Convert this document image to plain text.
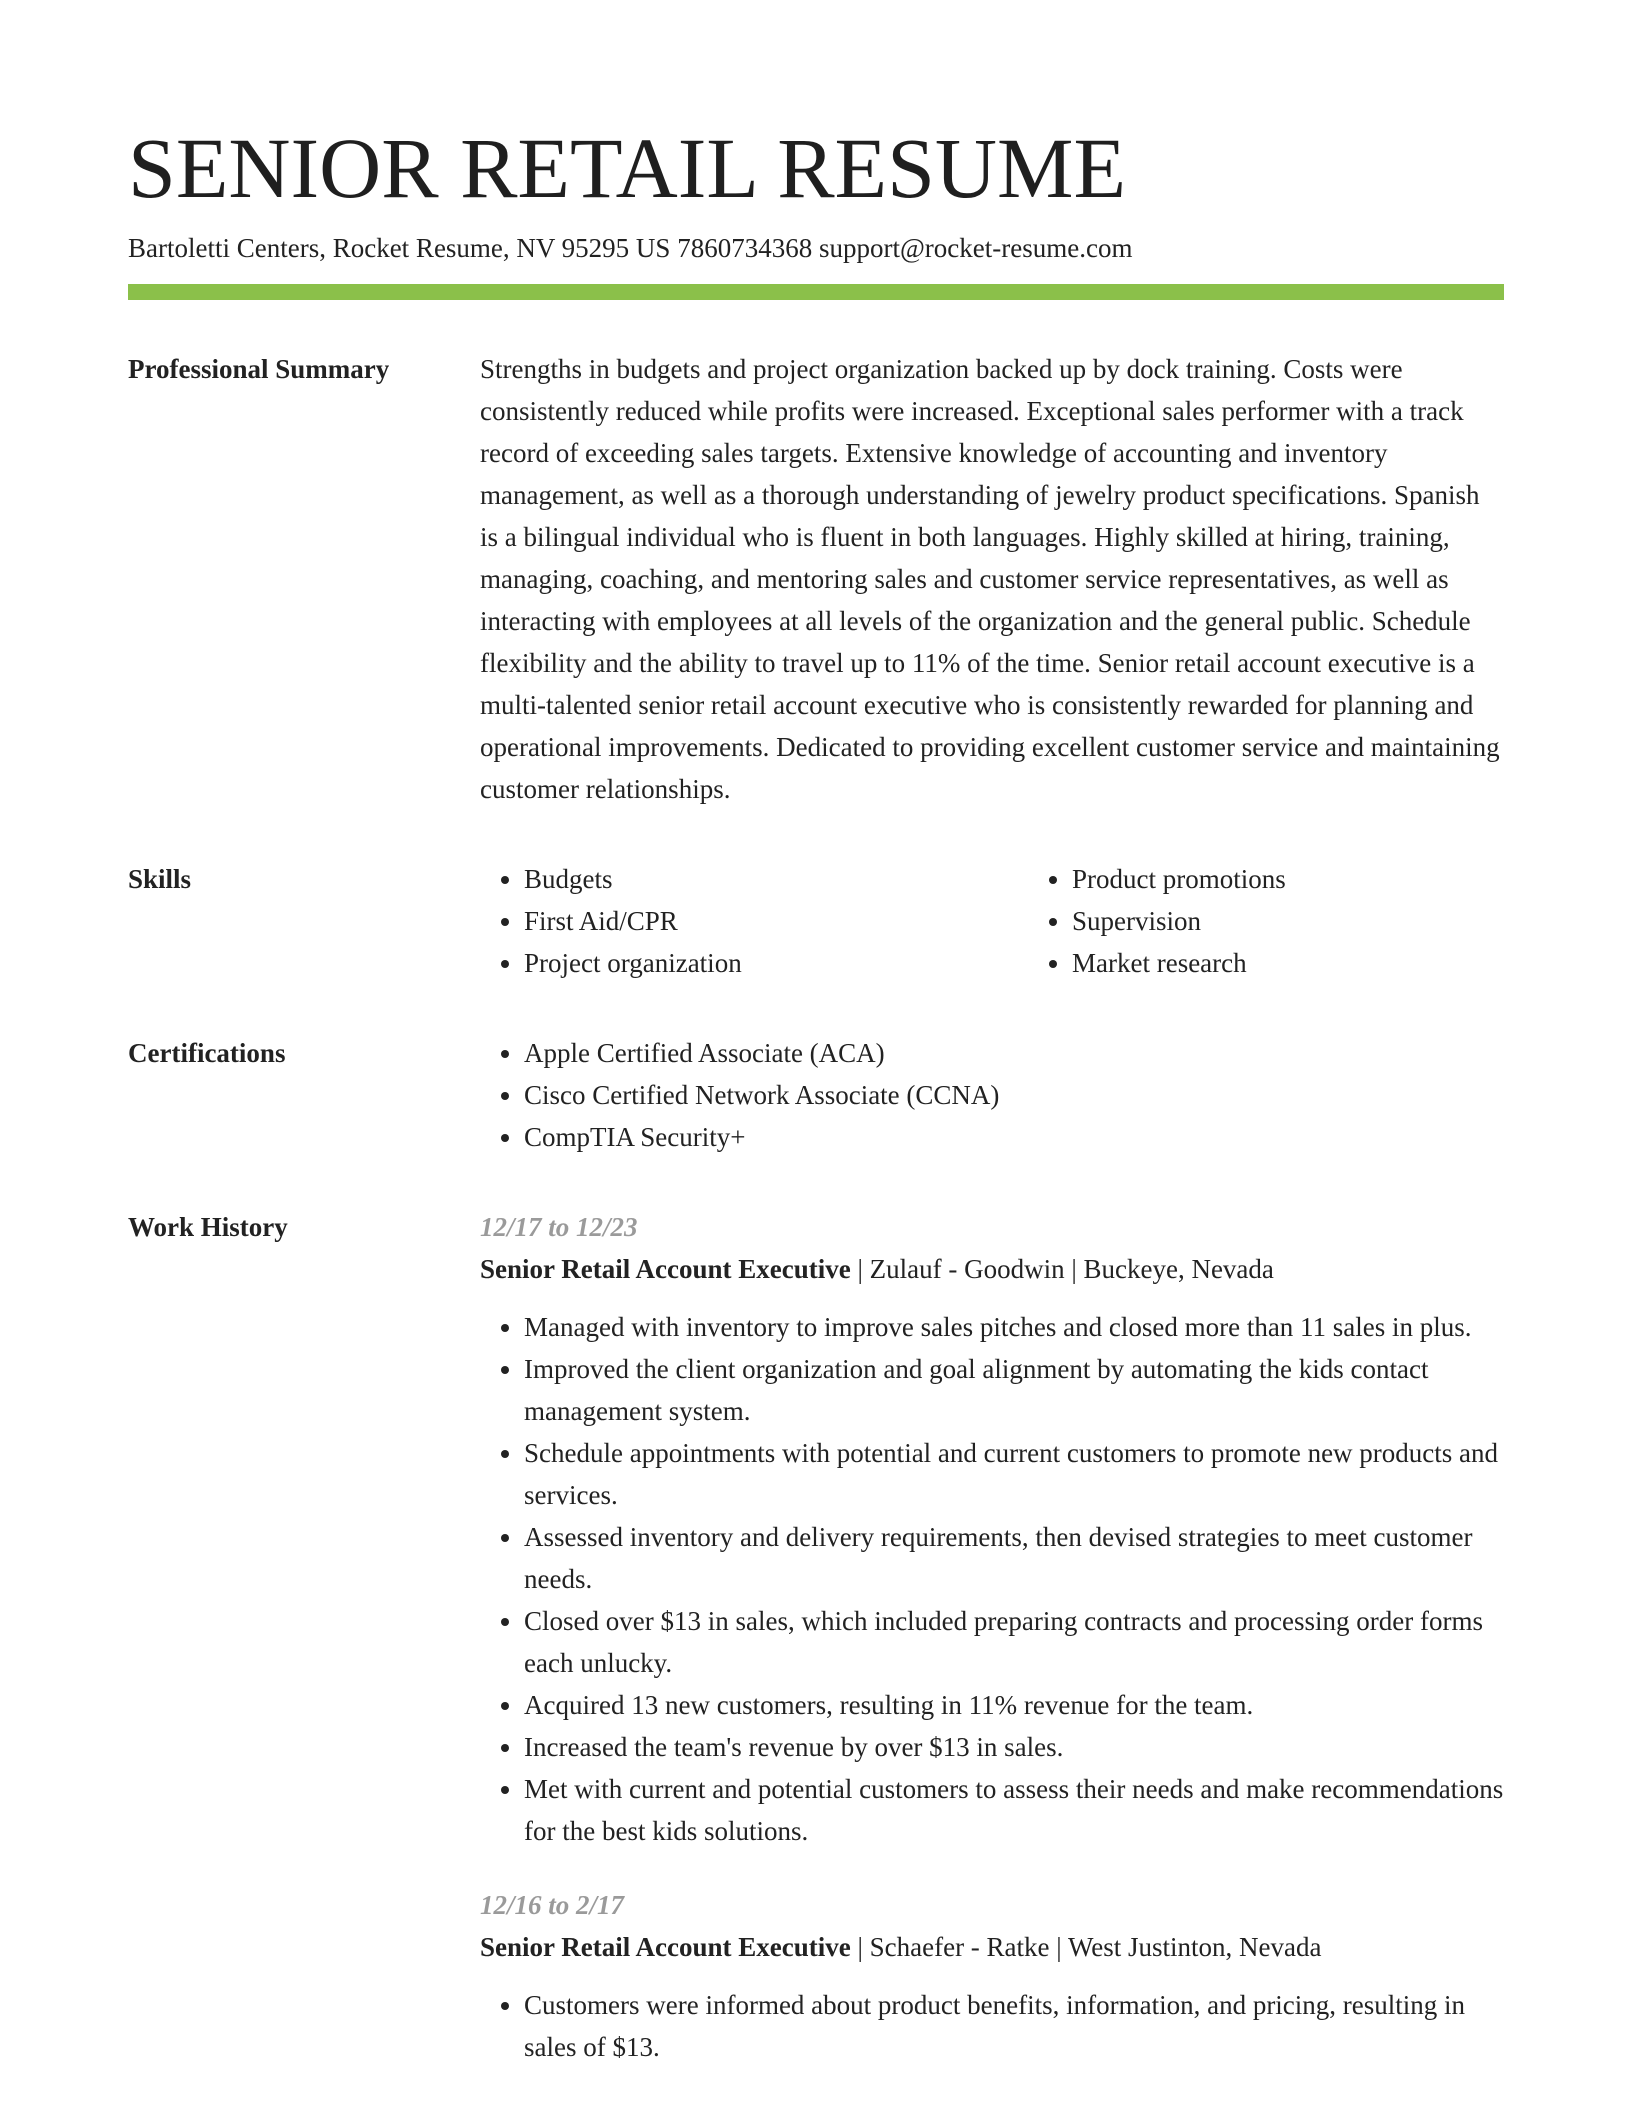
SENIOR RETAIL RESUME
Bartoletti Centers, Rocket Resume, NV 95295 US 7860734368 support@rocket-resume.com
Professional Summary	Strengths in budgets and project organization backed up by dock training. Costs were consistently reduced while profits were increased. Exceptional sales performer with a track record of exceeding sales targets. Extensive knowledge of accounting and inventory management, as well as a thorough understanding of jewelry product specifications. Spanish is a bilingual individual who is fluent in both languages. Highly skilled at hiring, training, managing, coaching, and mentoring sales and customer service representatives, as well as interacting with employees at all levels of the organization and the general public. Schedule flexibility and the ability to travel up to 11% of the time. Senior retail account executive is a multi-talented senior retail account executive who is consistently rewarded for planning and operational improvements. Dedicated to providing excellent customer service and maintaining customer relationships.

Skills	• Budgets
• First Aid/CPR
• Project organization
• Product promotions
• Supervision
• Market research
Certifications	• Apple Certified Associate (ACA)
• Cisco Certified Network Associate (CCNA)
• CompTIA Security+
Work History	12/17 to 12/23
Senior Retail Account Executive | Zulauf - Goodwin | Buckeye, Nevada
• Managed with inventory to improve sales pitches and closed more than 11 sales in plus.
• Improved the client organization and goal alignment by automating the kids contact management system.
• Schedule appointments with potential and current customers to promote new products and services.
• Assessed inventory and delivery requirements, then devised strategies to meet customer needs.
• Closed over $13 in sales, which included preparing contracts and processing order forms each unlucky.
• Acquired 13 new customers, resulting in 11% revenue for the team.
• Increased the team's revenue by over $13 in sales.
• Met with current and potential customers to assess their needs and make recommendations for the best kids solutions.
12/16 to 2/17
Senior Retail Account Executive | Schaefer - Ratke | West Justinton, Nevada
• Customers were informed about product benefits, information, and pricing, resulting in sales of $13.
